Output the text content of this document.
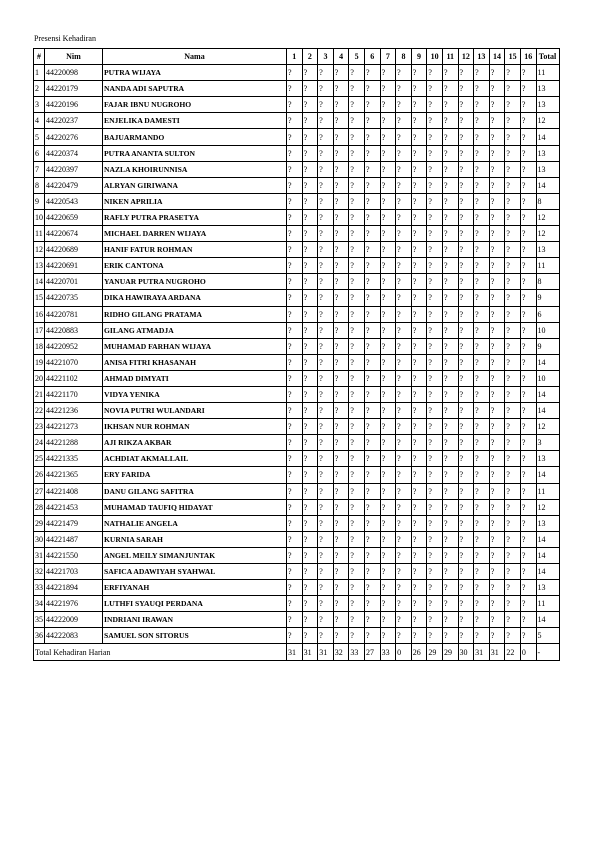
Presensi Kehadiran
#	Nim	Nama	1	2	3	4	5	6	7	8	9	10	11	12	13	14	15	16	Total
1	44220098	PUTRA WIJAYA	?	?	?	?	?	?	?	?	?	?	?	?	?	?	?	?	11
2	44220179	NANDA ADI SAPUTRA	?	?	?	?	?	?	?	?	?	?	?	?	?	?	?	?	13
3	44220196	FAJAR IBNU NUGROHO	?	?	?	?	?	?	?	?	?	?	?	?	?	?	?	?	13
4	44220237	ENJELIKA DAMESTI	?	?	?	?	?	?	?	?	?	?	?	?	?	?	?	?	12
5	44220276	BAJUARMANDO	?	?	?	?	?	?	?	?	?	?	?	?	?	?	?	?	14
6	44220374	PUTRA ANANTA SULTON	?	?	?	?	?	?	?	?	?	?	?	?	?	?	?	?	13
7	44220397	NAZLA KHOIRUNNISA	?	?	?	?	?	?	?	?	?	?	?	?	?	?	?	?	13
8	44220479	ALRYAN GIRIWANA	?	?	?	?	?	?	?	?	?	?	?	?	?	?	?	?	14
9	44220543	NIKEN APRILIA	?	?	?	?	?	?	?	?	?	?	?	?	?	?	?	?	8
10	44220659	RAFLY PUTRA PRASETYA	?	?	?	?	?	?	?	?	?	?	?	?	?	?	?	?	12
11	44220674	MICHAEL DARREN WIJAYA	?	?	?	?	?	?	?	?	?	?	?	?	?	?	?	?	12
12	44220689	HANIF FATUR ROHMAN	?	?	?	?	?	?	?	?	?	?	?	?	?	?	?	?	13
13	44220691	ERIK CANTONA	?	?	?	?	?	?	?	?	?	?	?	?	?	?	?	?	11
14	44220701	YANUAR PUTRA NUGROHO	?	?	?	?	?	?	?	?	?	?	?	?	?	?	?	?	8
15	44220735	DIKA HAWIRAYA ARDANA	?	?	?	?	?	?	?	?	?	?	?	?	?	?	?	?	9
16	44220781	RIDHO GILANG PRATAMA	?	?	?	?	?	?	?	?	?	?	?	?	?	?	?	?	6
17	44220883	GILANG ATMADJA	?	?	?	?	?	?	?	?	?	?	?	?	?	?	?	?	10
18	44220952	MUHAMAD FARHAN WIJAYA	?	?	?	?	?	?	?	?	?	?	?	?	?	?	?	?	9
19	44221070	ANISA FITRI KHASANAH	?	?	?	?	?	?	?	?	?	?	?	?	?	?	?	?	14
20	44221102	AHMAD DIMYATI	?	?	?	?	?	?	?	?	?	?	?	?	?	?	?	?	10
21	44221170	VIDYA YENIKA	?	?	?	?	?	?	?	?	?	?	?	?	?	?	?	?	14
22	44221236	NOVIA PUTRI WULANDARI	?	?	?	?	?	?	?	?	?	?	?	?	?	?	?	?	14
23	44221273	IKHSAN NUR ROHMAN	?	?	?	?	?	?	?	?	?	?	?	?	?	?	?	?	12
24	44221288	AJI RIKZA AKBAR	?	?	?	?	?	?	?	?	?	?	?	?	?	?	?	?	3
25	44221335	ACHDIAT AKMALLAIL	?	?	?	?	?	?	?	?	?	?	?	?	?	?	?	?	13
26	44221365	ERY FARIDA	?	?	?	?	?	?	?	?	?	?	?	?	?	?	?	?	14
27	44221408	DANU GILANG SAFITRA	?	?	?	?	?	?	?	?	?	?	?	?	?	?	?	?	11
28	44221453	MUHAMAD TAUFIQ HIDAYAT	?	?	?	?	?	?	?	?	?	?	?	?	?	?	?	?	12
29	44221479	NATHALIE ANGELA	?	?	?	?	?	?	?	?	?	?	?	?	?	?	?	?	13
30	44221487	KURNIA SARAH	?	?	?	?	?	?	?	?	?	?	?	?	?	?	?	?	14
31	44221550	ANGEL MEILY SIMANJUNTAK	?	?	?	?	?	?	?	?	?	?	?	?	?	?	?	?	14
32	44221703	SAFICA ADAWIYAH SYAHWAL	?	?	?	?	?	?	?	?	?	?	?	?	?	?	?	?	14
33	44221894	ERFIYANAH	?	?	?	?	?	?	?	?	?	?	?	?	?	?	?	?	13
34	44221976	LUTHFI SYAUQI PERDANA	?	?	?	?	?	?	?	?	?	?	?	?	?	?	?	?	11
35	44222009	INDRIANI IRAWAN	?	?	?	?	?	?	?	?	?	?	?	?	?	?	?	?	14
36	44222083	SAMUEL SON SITORUS	?	?	?	?	?	?	?	?	?	?	?	?	?	?	?	?	5
Total Kehadiran Harian			31	31	31	32	33	27	33	0	26	29	29	30	31	31	22	0	-
